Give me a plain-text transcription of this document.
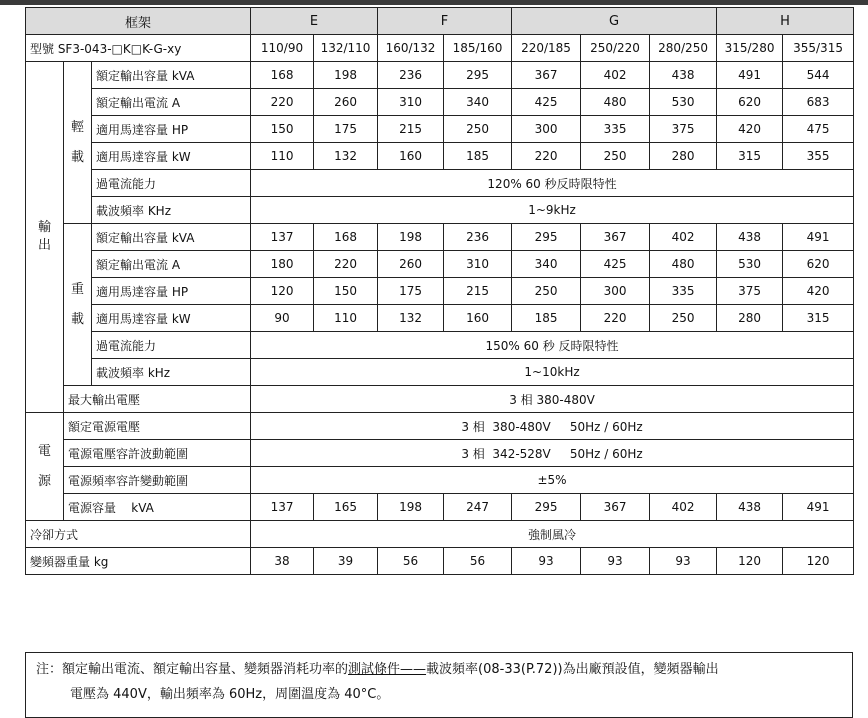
框架			E		F		G			H	
型號 SF3-043-□K□K-G-xy			110/90	132/110	160/132	185/160	220/185	250/220	280/250	315/280	355/315
輸出	輕載	額定輸出容量 kVA	168	198	236	295	367	402	438	491	544
		額定輸出電流 A	220	260	310	340	425	480	530	620	683
		適用馬達容量 HP	150	175	215	250	300	335	375	420	475
		適用馬達容量 kW	110	132	160	185	220	250	280	315	355
		過電流能力	120% 60 秒反時限特性								
		載波頻率 KHz	1~9kHz								
	重載	額定輸出容量 kVA	137	168	198	236	295	367	402	438	491
		額定輸出電流 A	180	220	260	310	340	425	480	530	620
		適用馬達容量 HP	120	150	175	215	250	300	335	375	420
		適用馬達容量 kW	90	110	132	160	185	220	250	280	315
		過電流能力	150% 60 秒 反時限特性								
		載波頻率 kHz	1~10kHz								
	最大輸出電壓		3 相 380-480V								
電源	額定電源電壓		3 相  380-480V     50Hz / 60Hz								
	電源電壓容許波動範圍		3 相  342-528V     50Hz / 60Hz								
	電源頻率容許變動範圍		±5%								
	電源容量    kVA		137	165	198	247	295	367	402	438	491
冷卻方式			強制風冷								
變頻器重量 kg			38	39	56	56	93	93	93	120	120
注：額定輸出電流、額定輸出容量、變頻器消耗功率的測試條件——載波頻率(08-33(P.72))為出廠預設值，變頻器輸出
電壓為 440V，輸出頻率為 60Hz，周圍溫度為 40°C。
